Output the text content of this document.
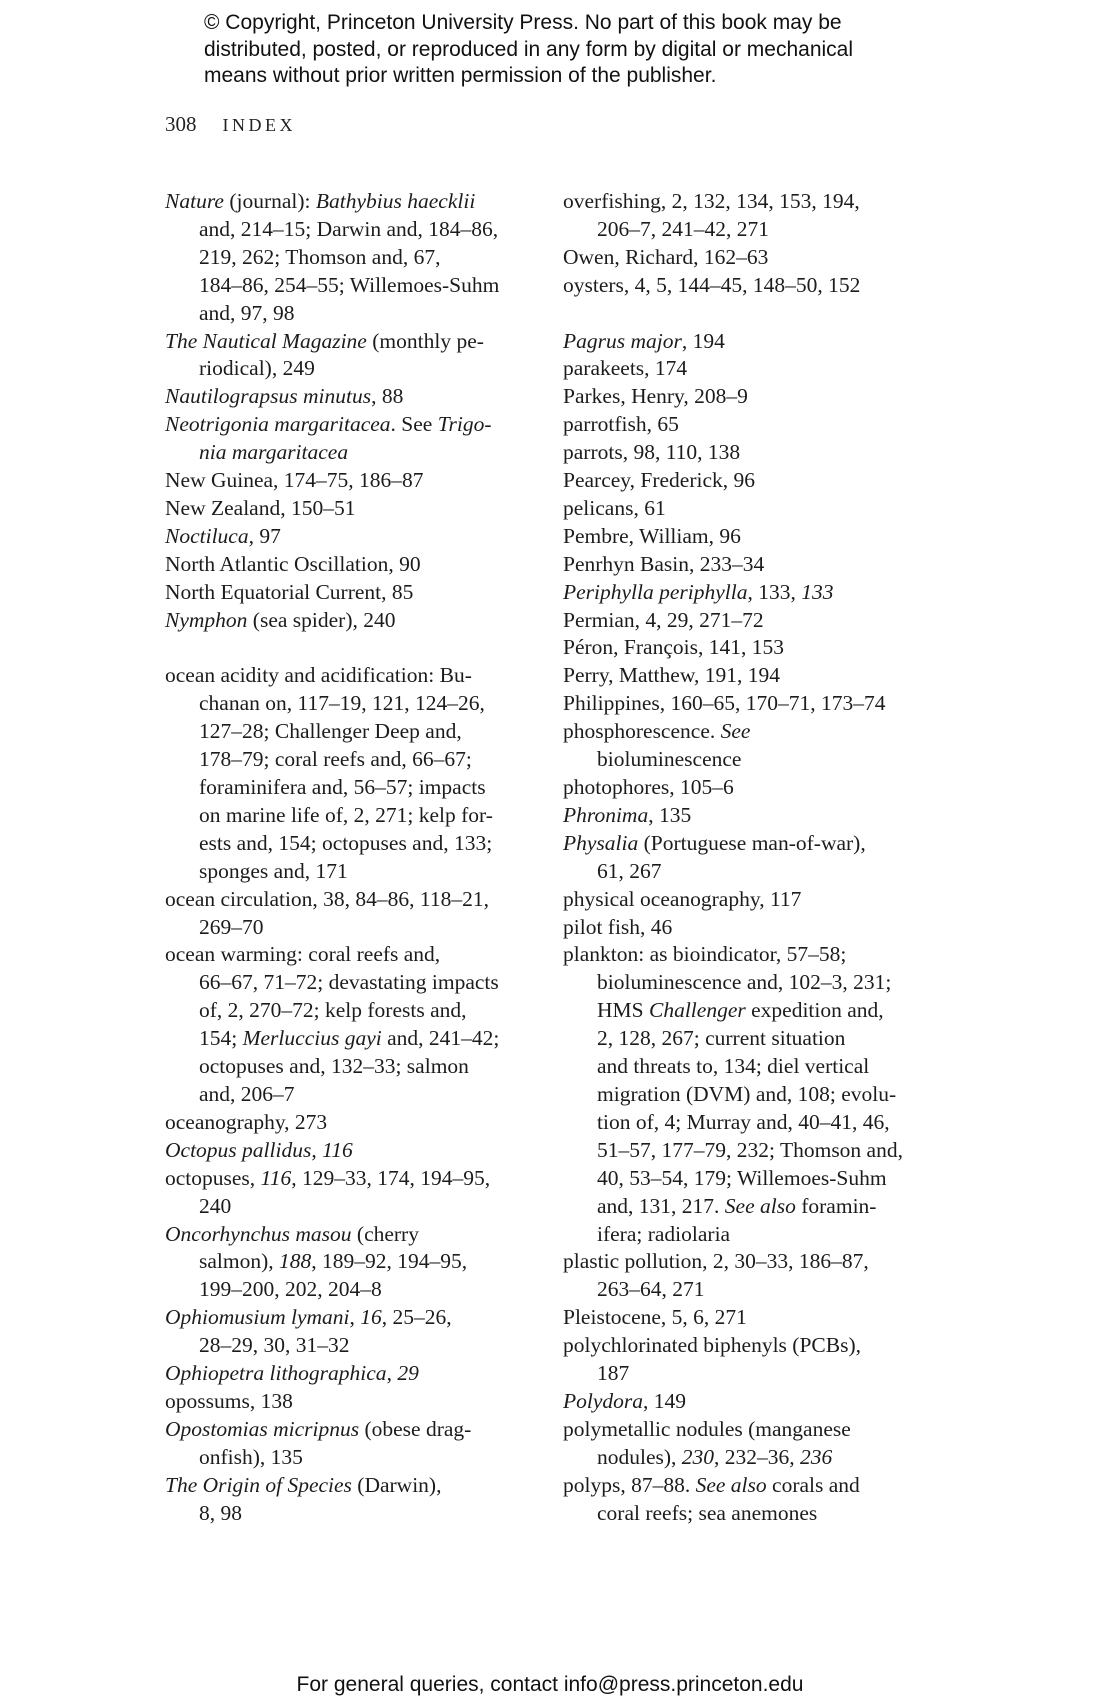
© Copyright, Princeton University Press. No part of this book may be
distributed, posted, or reproduced in any form by digital or mechanical
means without prior written permission of the publisher.
308 INDEX
Nature (journal): Bathybius haecklii
and, 214–15; Darwin and, 184–86,
219, 262; Thomson and, 67,
184–86, 254–55; Willemoes-Suhm
and, 97, 98
The Nautical Magazine (monthly pe-
riodical), 249
Nautilograpsus minutus, 88
Neotrigonia margaritacea. See Trigo-
nia margaritacea
New Guinea, 174–75, 186–87
New Zealand, 150–51
Noctiluca, 97
North Atlantic Oscillation, 90
North Equatorial Current, 85
Nymphon (sea spider), 240
ocean acidity and acidification: Bu-
chanan on, 117–19, 121, 124–26,
127–28; Challenger Deep and,
178–79; coral reefs and, 66–67;
foraminifera and, 56–57; impacts
on marine life of, 2, 271; kelp for-
ests and, 154; octopuses and, 133;
sponges and, 171
ocean circulation, 38, 84–86, 118–21,
269–70
ocean warming: coral reefs and,
66–67, 71–72; devastating impacts
of, 2, 270–72; kelp forests and,
154; Merluccius gayi and, 241–42;
octopuses and, 132–33; salmon
and, 206–7
oceanography, 273
Octopus pallidus, 116
octopuses, 116, 129–33, 174, 194–95,
240
Oncorhynchus masou (cherry
salmon), 188, 189–92, 194–95,
199–200, 202, 204–8
Ophiomusium lymani, 16, 25–26,
28–29, 30, 31–32
Ophiopetra lithographica, 29
opossums, 138
Opostomias micripnus (obese drag-
onfish), 135
The Origin of Species (Darwin),
8, 98
overfishing, 2, 132, 134, 153, 194,
206–7, 241–42, 271
Owen, Richard, 162–63
oysters, 4, 5, 144–45, 148–50, 152
Pagrus major, 194
parakeets, 174
Parkes, Henry, 208–9
parrotfish, 65
parrots, 98, 110, 138
Pearcey, Frederick, 96
pelicans, 61
Pembre, William, 96
Penrhyn Basin, 233–34
Periphylla periphylla, 133, 133
Permian, 4, 29, 271–72
Péron, François, 141, 153
Perry, Matthew, 191, 194
Philippines, 160–65, 170–71, 173–74
phosphorescence. See
bioluminescence
photophores, 105–6
Phronima, 135
Physalia (Portuguese man-of-war),
61, 267
physical oceanography, 117
pilot fish, 46
plankton: as bioindicator, 57–58;
bioluminescence and, 102–3, 231;
HMS Challenger expedition and,
2, 128, 267; current situation
and threats to, 134; diel vertical
migration (DVM) and, 108; evolu-
tion of, 4; Murray and, 40–41, 46,
51–57, 177–79, 232; Thomson and,
40, 53–54, 179; Willemoes-Suhm
and, 131, 217. See also foramin-
ifera; radiolaria
plastic pollution, 2, 30–33, 186–87,
263–64, 271
Pleistocene, 5, 6, 271
polychlorinated biphenyls (PCBs),
187
Polydora, 149
polymetallic nodules (manganese
nodules), 230, 232–36, 236
polyps, 87–88. See also corals and
coral reefs; sea anemones
For general queries, contact info@press.princeton.edu
